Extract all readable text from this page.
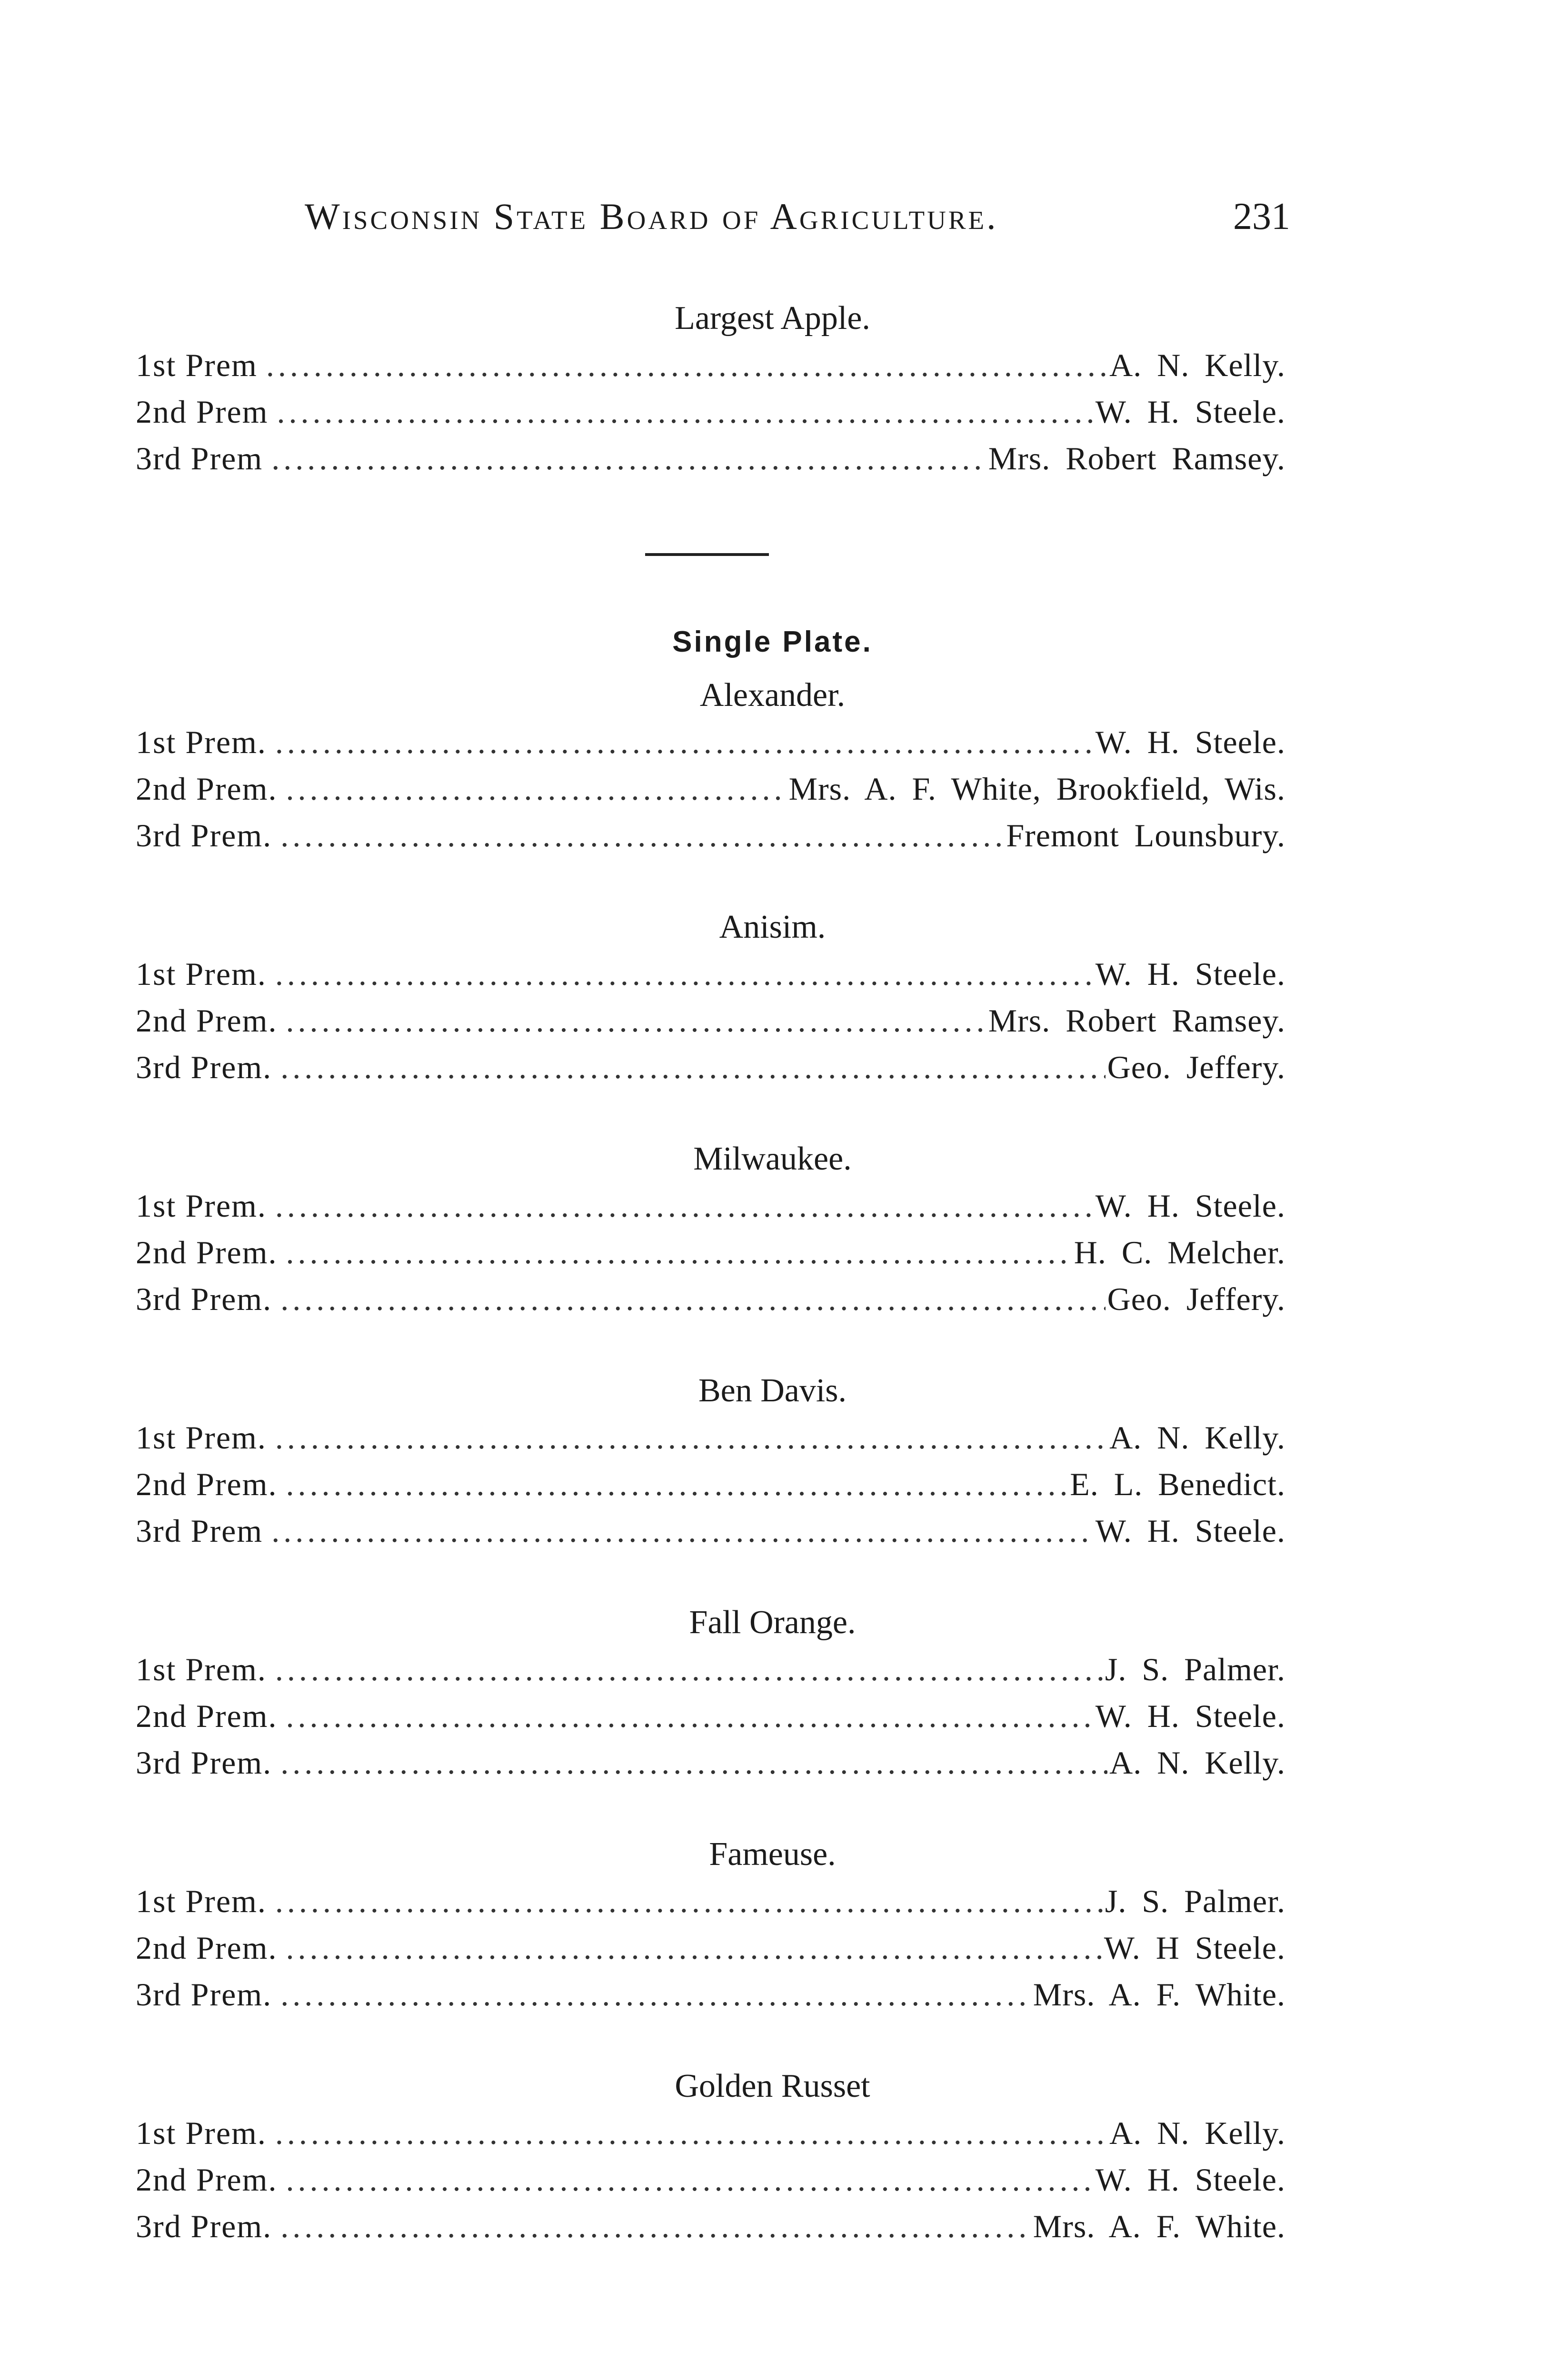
Wisconsin State Board of Agriculture.	231
Largest Apple.
1st Prem .....	A. N. Kelly.
2nd Prem .....	W. H. Steele.
3rd Prem .....	Mrs. Robert Ramsey.
Single Plate.
Alexander.
1st Prem. .....	W. H. Steele.
2nd Prem. .....	Mrs. A. F. White, Brookfield, Wis.
3rd Prem. .....	Fremont Lounsbury.
Anisim.
1st Prem. .....	W. H. Steele.
2nd Prem. .....	Mrs. Robert Ramsey.
3rd Prem. .....	Geo. Jeffery.
Milwaukee.
1st Prem. .....	W. H. Steele.
2nd Prem. .....	H. C. Melcher.
3rd Prem. .....	Geo. Jeffery.
Ben Davis.
1st Prem. .....	A. N. Kelly.
2nd Prem. .....	E. L. Benedict.
3rd Prem .....	W. H. Steele.
Fall Orange.
1st Prem. .....	J. S. Palmer.
2nd Prem. .....	W. H. Steele.
3rd Prem. .....	A. N. Kelly.
Fameuse.
1st Prem. .....	J. S. Palmer.
2nd Prem. .....	W. H Steele.
3rd Prem. .....	Mrs. A. F. White.
Golden Russet
1st Prem. .....	A. N. Kelly.
2nd Prem. .....	W. H. Steele.
3rd Prem. .....	Mrs. A. F. White.
